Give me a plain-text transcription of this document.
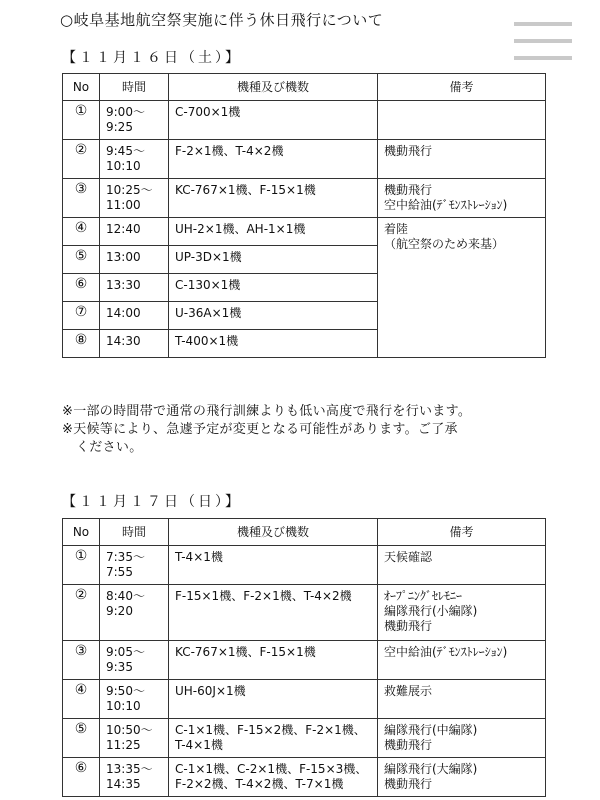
○岐阜基地航空祭実施に伴う休日飛行について
【１１月１６日（土）】
No	時間	機種及び機数	備考
①	9:00～
9:25	C-700×1機	
②	9:45～
10:10	F-2×1機、T-4×2機	機動飛行
③	10:25～
11:00	KC-767×1機、F-15×1機	機動飛行
空中給油(ﾃﾞﾓﾝｽﾄﾚｰｼｮﾝ)
④	12:40	UH-2×1機、AH-1×1機	着陸
（航空祭のため来基）
⑤	13:00	UP-3D×1機	
⑥	13:30	C-130×1機	
⑦	14:00	U-36A×1機	
⑧	14:30	T-400×1機	
※一部の時間帯で通常の飛行訓練よりも低い高度で飛行を行います。
※天候等により、急遽予定が変更となる可能性があります。ご了承
ください。
【１１月１７日（日）】
No	時間	機種及び機数	備考
①	7:35～
7:55	T-4×1機	天候確認
②	8:40～
9:20	F-15×1機、F-2×1機、T-4×2機	ｵｰﾌﾟﾆﾝｸﾞｾﾚﾓﾆｰ
編隊飛行(小編隊)
機動飛行
③	9:05～
9:35	KC-767×1機、F-15×1機	空中給油(ﾃﾞﾓﾝｽﾄﾚｰｼｮﾝ)
④	9:50～
10:10	UH-60J×1機	救難展示
⑤	10:50～
11:25	C-1×1機、F-15×2機、F-2×1機、
T-4×1機	編隊飛行(中編隊)
機動飛行
⑥	13:35～
14:35	C-1×1機、C-2×1機、F-15×3機、
F-2×2機、T-4×2機、T-7×1機	編隊飛行(大編隊)
機動飛行
